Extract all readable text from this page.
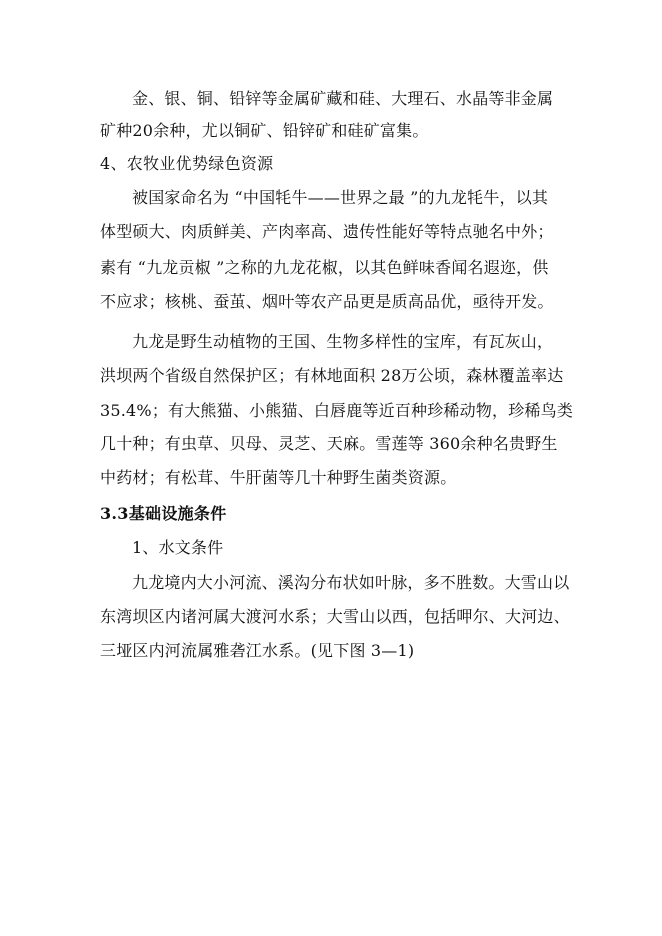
金、银、铜、铅锌等金属矿藏和硅、大理石、水晶等非金属
矿种20余种，尤以铜矿、铅锌矿和硅矿富集。
4、农牧业优势绿色资源
被国家命名为 “中国牦牛——世界之最 ”的九龙牦牛，以其
体型硕大、肉质鲜美、产肉率高、遗传性能好等特点驰名中外；
素有 “九龙贡椒 ”之称的九龙花椒，以其色鲜味香闻名遐迩，供
不应求；核桃、蚕茧、烟叶等农产品更是质高品优，亟待开发。
九龙是野生动植物的王国、生物多样性的宝库，有瓦灰山，
洪坝两个省级自然保护区；有林地面积 28万公顷，森林覆盖率达
35.4%；有大熊猫、小熊猫、白唇鹿等近百种珍稀动物，珍稀鸟类
几十种；有虫草、贝母、灵芝、天麻。雪莲等 360余种名贵野生
中药材；有松茸、牛肝菌等几十种野生菌类资源。
3.3基础设施条件
1、水文条件
九龙境内大小河流、溪沟分布状如叶脉，多不胜数。大雪山以
东湾坝区内诸河属大渡河水系；大雪山以西，包括呷尔、大河边、
三垭区内河流属雅砻江水系。(见下图 3—1)
